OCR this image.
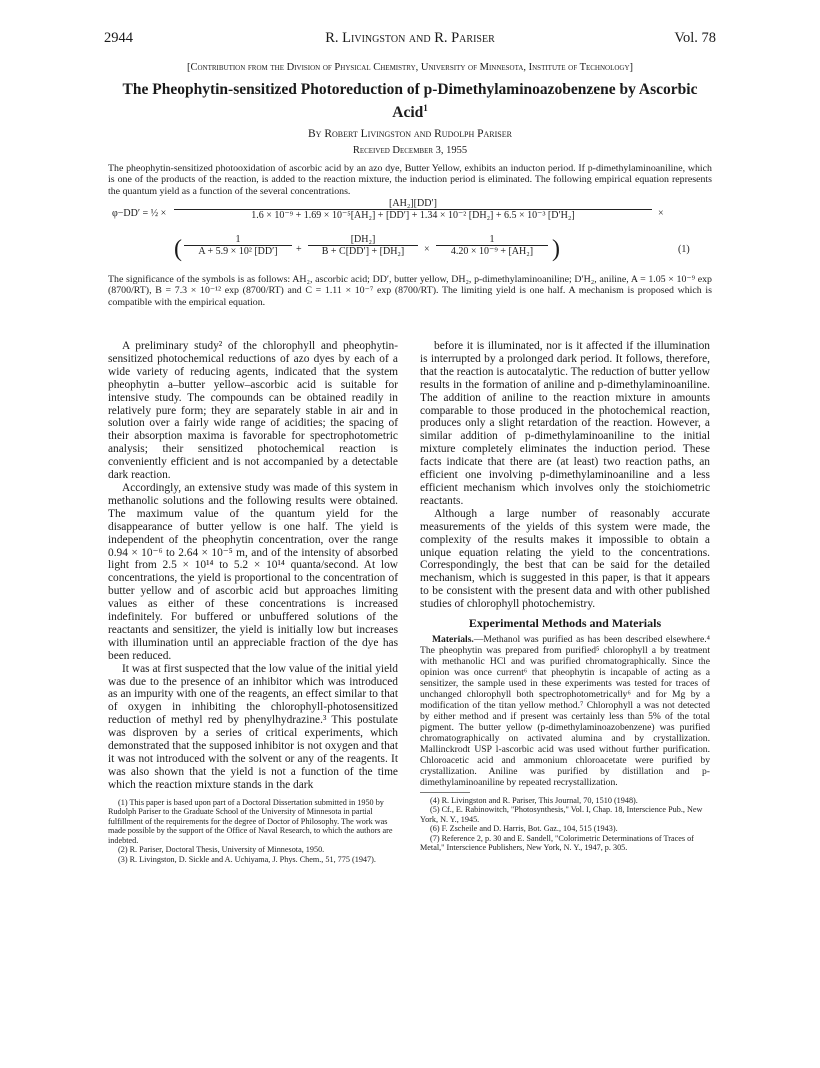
2944	R. Livingston and R. Pariser	Vol. 78
[Contribution from the Division of Physical Chemistry, University of Minnesota, Institute of Technology]
The Pheophytin-sensitized Photoreduction of p-Dimethylaminoazobenzene by Ascorbic Acid$^1$
By Robert Livingston and Rudolph Pariser
Received December 3, 1955
The pheophytin-sensitized photooxidation of ascorbic acid by an azo dye, Butter Yellow, exhibits an inducton period. If p-dimethylaminoaniline, which is one of the products of the reaction, is added to the reaction mixture, the induction period is eliminated. The following empirical equation represents the quantum yield as a function of the several concentrations.
φ−DD′ = ½ ×
[AH₂][DD′]
1.6 × 10⁻⁹ + 1.69 × 10⁻⁵[AH₂] + [DD′] + 1.34 × 10⁻² [DH₂] + 6.5 × 10⁻³ [D′H₂]	×
( $\frac{1}{\text{A + 5.9 × 10² [DD′]}} + \frac{\text{[DH₂]}}{\text{B + C[DD′] + [DH₂]}} \times \frac{1}{\text{4.20 × 10⁻⁹ + [AH₂]}}$ )	(1)
The significance of the symbols is as follows: AH₂, ascorbic acid; DD′, butter yellow, DH₂, p-dimethylaminoaniline; D′H₂, aniline, A = 1.05 × 10⁻⁹ exp (8700/RT), B = 7.3 × 10⁻¹² exp (8700/RT) and C = 1.11 × 10⁻⁷ exp (8700/RT). The limiting yield is one half. A mechanism is proposed which is compatible with the empirical equation.

A preliminary study² of the chlorophyll and pheophytin-sensitized photochemical reductions of azo dyes by each of a wide variety of reducing agents, indicated that the system pheophytin a–butter yellow–ascorbic acid is suitable for intensive study. The compounds can be obtained readily in relatively pure form; they are separately stable in air and in solution over a fairly wide range of acidities; the spacing of their absorption maxima is favorable for spectrophotometric analysis; their sensitized photochemical reaction is conveniently efficient and is not accompanied by a detectable dark reaction.

Accordingly, an extensive study was made of this system in methanolic solutions and the following results were obtained. The maximum value of the quantum yield for the disappearance of butter yellow is one half. The yield is independent of the pheophytin concentration, over the range 0.94 × 10⁻⁶ to 2.64 × 10⁻⁵ m, and of the intensity of absorbed light from 2.5 × 10¹⁴ to 5.2 × 10¹⁴ quanta/second. At low concentrations, the yield is proportional to the concentration of butter yellow and of ascorbic acid but approaches limiting values as either of these concentrations is increased indefinitely. For buffered or unbuffered solutions of the reactants and sensitizer, the yield is initially low but increases with illumination until an appreciable fraction of the dye has been reduced.

It was at first suspected that the low value of the initial yield was due to the presence of an inhibitor which was introduced as an impurity with one of the reagents, an effect similar to that of oxygen in inhibiting the chlorophyll-photosensitized reduction of methyl red by phenylhydrazine.³ This postulate was disproven by a series of critical experiments, which demonstrated that the supposed inhibitor is not oxygen and that it was not introduced with the solvent or any of the reagents. It was also shown that the yield is not a function of the time which the reaction mixture stands in the dark

(1) This paper is based upon part of a Doctoral Dissertation submitted in 1950 by Rudolph Pariser to the Graduate School of the University of Minnesota in partial fulfillment of the requirements for the degree of Doctor of Philosophy. The work was made possible by the support of the Office of Naval Research, to which the authors are indebted.

(2) R. Pariser, Doctoral Thesis, University of Minnesota, 1950.

(3) R. Livingston, D. Sickle and A. Uchiyama, J. Phys. Chem., 51, 775 (1947).

before it is illuminated, nor is it affected if the illumination is interrupted by a prolonged dark period. It follows, therefore, that the reaction is autocatalytic. The reduction of butter yellow results in the formation of aniline and p-dimethylaminoaniline. The addition of aniline to the reaction mixture in amounts comparable to those produced in the photochemical reaction, produces only a slight retardation of the reaction. However, a similar addition of p-dimethylaminoaniline to the initial mixture completely eliminates the induction period. These facts indicate that there are (at least) two reaction paths, an efficient one involving p-dimethylaminoaniline and a less efficient mechanism which involves only the stoichiometric reactants.

Although a large number of reasonably accurate measurements of the yields of this system were made, the complexity of the results makes it impossible to obtain a unique equation relating the yield to the concentrations. Correspondingly, the best that can be said for the detailed mechanism, which is suggested in this paper, is that it appears to be consistent with the present data and with other published studies of chlorophyll photochemistry.

Experimental Methods and Materials

Materials.—Methanol was purified as has been described elsewhere.⁴ The pheophytin was prepared from purified⁵ chlorophyll a by treatment with methanolic HCl and was purified chromatographically. Since the opinion was once current⁶ that pheophytin is incapable of acting as a sensitizer, the sample used in these experiments was tested for traces of unchanged chlorophyll both spectrophotometrically⁶ and for Mg by a modification of the titan yellow method.⁷ Chlorophyll a was not detected by either method and if present was certainly less than 5% of the total pigment. The butter yellow (p-dimethylaminoazobenzene) was purified chromatographically on activated alumina and by crystallization. Mallinckrodt USP l-ascorbic acid was used without further purification. Chloroacetic acid and ammonium chloroacetate were purified by crystallization. Aniline was purified by distillation and p-dimethylaminoaniline by repeated recrystallization.

(4) R. Livingston and R. Pariser, This Journal, 70, 1510 (1948).

(5) Cf., E. Rabinowitch, "Photosynthesis," Vol. I, Chap. 18, Interscience Pub., New York, N. Y., 1945.

(6) F. Zscheile and D. Harris, Bot. Gaz., 104, 515 (1943).

(7) Reference 2, p. 30 and E. Sandell, "Colorimetric Determinations of Traces of Metal," Interscience Publishers, New York, N. Y., 1947, p. 305.
